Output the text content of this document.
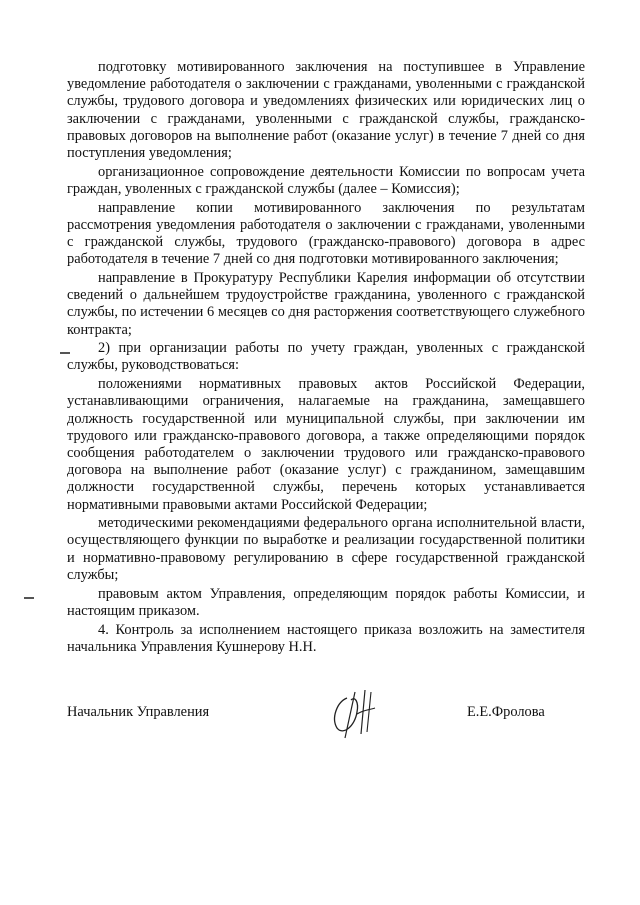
подготовку мотивированного заключения на поступившее в Управление уведомление работодателя о заключении с гражданами, уволенными с гражданской службы, трудового договора и уведомлениях физических или юридических лиц о заключении с гражданами, уволенными с гражданской службы, гражданско-правовых договоров на выполнение работ (оказание услуг) в течение 7 дней со дня поступления уведомления;

организационное сопровождение деятельности Комиссии по вопросам учета граждан, уволенных с гражданской службы (далее – Комиссия);

направление копии мотивированного заключения по результатам рассмотрения уведомления работодателя о заключении с гражданами, уволенными с гражданской службы, трудового (гражданско-правового) договора в адрес работодателя в течение 7 дней со дня подготовки мотивированного заключения;

направление в Прокуратуру Республики Карелия информации об отсутствии сведений о дальнейшем трудоустройстве гражданина, уволенного с гражданской службы, по истечении 6 месяцев со дня расторжения соответствующего служебного контракта;

2) при организации работы по учету граждан, уволенных с гражданской службы, руководствоваться:

положениями нормативных правовых актов Российской Федерации, устанавливающими ограничения, налагаемые на гражданина, замещавшего должность государственной или муниципальной службы, при заключении им трудового или гражданско-правового договора, а также определяющими порядок сообщения работодателем о заключении трудового или гражданско-правового договора на выполнение работ (оказание услуг) с гражданином, замещавшим должности государственной службы, перечень которых устанавливается нормативными правовыми актами Российской Федерации;

методическими рекомендациями федерального органа исполнительной власти, осуществляющего функции по выработке и реализации государственной политики и нормативно-правовому регулированию в сфере государственной гражданской службы;

правовым актом Управления, определяющим порядок работы Комиссии, и настоящим приказом.

4. Контроль за исполнением настоящего приказа возложить на заместителя начальника Управления Кушнерову Н.Н.

Начальник Управления	Е.Е.Фролова
